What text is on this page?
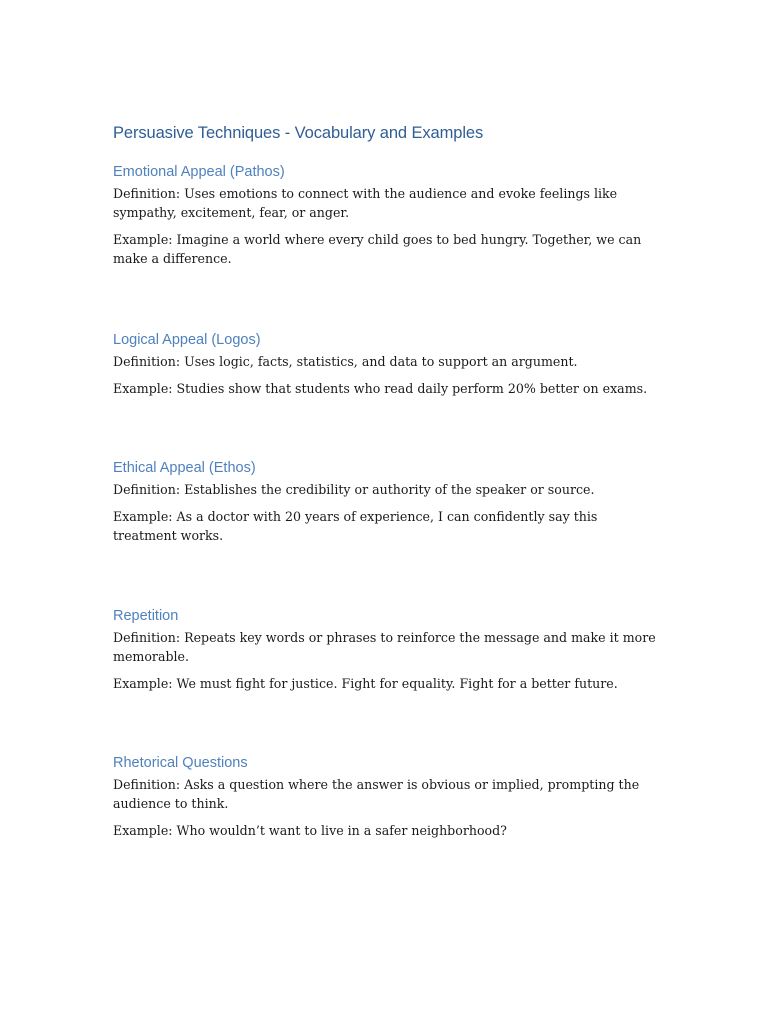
Persuasive Techniques - Vocabulary and Examples
Emotional Appeal (Pathos)

Definition: Uses emotions to connect with the audience and evoke feelings like sympathy, excitement, fear, or anger.

Example: Imagine a world where every child goes to bed hungry. Together, we can make a difference.

Logical Appeal (Logos)

Definition: Uses logic, facts, statistics, and data to support an argument.

Example: Studies show that students who read daily perform 20% better on exams.

Ethical Appeal (Ethos)

Definition: Establishes the credibility or authority of the speaker or source.

Example: As a doctor with 20 years of experience, I can confidently say this treatment works.

Repetition

Definition: Repeats key words or phrases to reinforce the message and make it more memorable.

Example: We must fight for justice. Fight for equality. Fight for a better future.

Rhetorical Questions

Definition: Asks a question where the answer is obvious or implied, prompting the audience to think.

Example: Who wouldn’t want to live in a safer neighborhood?
